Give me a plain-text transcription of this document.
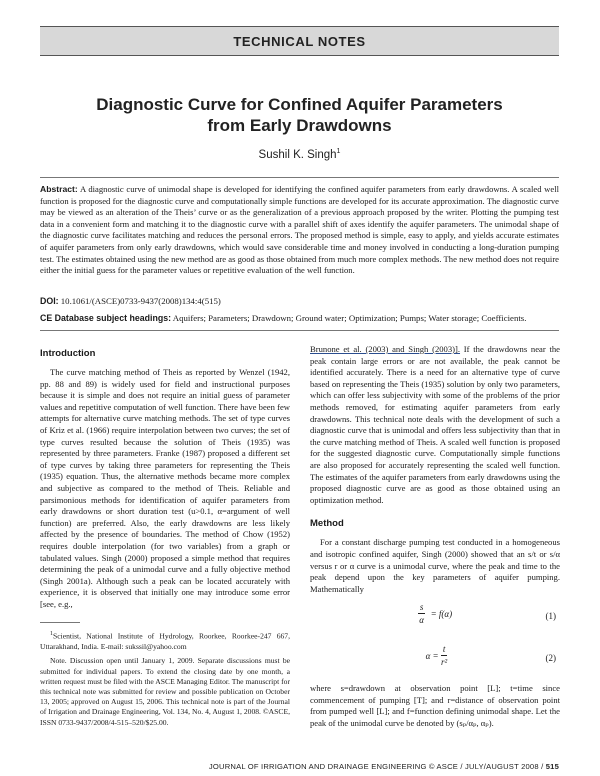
TECHNICAL NOTES
Diagnostic Curve for Confined Aquifer Parameters
from Early Drawdowns
Sushil K. Singh$^1$

Abstract: A diagnostic curve of unimodal shape is developed for identifying the confined aquifer parameters from early drawdowns. A scaled well function is proposed for the diagnostic curve and computationally simple functions are developed for its accurate approximation. The diagnostic curve may be viewed as an alteration of the Theis’ curve or as the generalization of a previous approach proposed by the writer. Plotting the pumping test data in a convenient form and matching it to the diagnostic curve with a parallel shift of axes identify the aquifer parameters. The unimodal shape of the diagnostic curve facilitates matching and reduces the personal errors. The proposed method is simple, easy to apply, and yields accurate estimates of aquifer parameters from only early drawdowns, which would save considerable time and money involved in conducting a long-duration pumping test. The estimates obtained using the new method are as good as those obtained from much more complex methods. The new method does not require either the initial guess for the parameter values or repetitive evaluation of the well function.

DOI: 10.1061/(ASCE)0733-9437(2008)134:4(515)
CE Database subject headings: Aquifers; Parameters; Drawdown; Ground water; Optimization; Pumps; Water storage; Coefficients.
Introduction

The curve matching method of Theis as reported by Wenzel (1942, pp. 88 and 89) is widely used for field and instructional purposes because it is simple and does not require an initial guess of parameter values and repetitive computation of well function. There have been few attempts for alternative curve matching methods. The set of type curves of Kriz et al. (1966) require interpolation between two curves; the set of type curves resulted because the solution of Theis (1935) was represented by three parameters. Franke (1987) proposed a different set of type curves by taking three parameters for representing the Theis (1935) equation. Thus, the alternative methods became more complex and subjective as compared to the method of Theis. Reliable and parsimonious methods for identification of aquifer parameters from early drawdowns or short duration test (u>0.1, α=argument of well function) are preferred. Also, the early drawdowns are less likely affected by the presence of boundaries. The method of Chow (1952) requires double interpolation (for two variables) from a graph or tabulated values. Singh (2000) proposed a simple method that requires determining the peak of a unimodal curve and a fully objective method (Singh 2001a). Although such a peak can be located accurately with experience, it is observed that initially one may introduce some error [see, e.g.,

$^1$Scientist, National Institute of Hydrology, Roorkee, Roorkee-247 667, Uttarakhand, India. E-mail: sukssil@yahoo.com

Note. Discussion open until January 1, 2009. Separate discussions must be submitted for individual papers. To extend the closing date by one month, a written request must be filed with the ASCE Managing Editor. The manuscript for this technical note was submitted for review and possible publication on October 13, 2005; approved on August 15, 2006. This technical note is part of the Journal of Irrigation and Drainage Engineering, Vol. 134, No. 4, August 1, 2008. ©ASCE, ISSN 0733-9437/2008/4-515–520/$25.00.

Brunone et al. (2003) and Singh (2003)]. If the drawdowns near the peak contain large errors or are not available, the peak cannot be identified accurately. There is a need for an alternative type of curve based on representing the Theis (1935) solution by only two parameters, which can offer less subjectivity with some of the problems of the prior methods removed, for estimating aquifer parameters from early drawdowns. This technical note deals with the development of such a diagnostic curve that is unimodal and offers less subjectivity than that in the curve matching method of Theis. A scaled well function is proposed for the suggested diagnostic curve. Computationally simple functions are also proposed for accurately representing the scaled well function. The estimates of the aquifer parameters from early drawdowns using the proposed diagnostic curve are as good as those obtained using an optimization method.

Method

For a constant discharge pumping test conducted in a homogeneous and isotropic confined aquifer, Singh (2000) showed that an s/t or s/α versus r or α curve is a unimodal curve, where the peak and time to the peak depend upon the key parameters of aquifer pumping. Mathematically

$\frac{s}{\alpha} = f(\alpha)$	(1)
$\alpha = \frac{t}{\text{r²}}$	(2)

where s=drawdown at observation point [L]; t=time since commencement of pumping [T]; and r=distance of observation point from pumped well [L]; and f=function defining unimodal shape. Let the peak of the unimodal curve be denoted by (sₚ/αₚ, αₚ).

JOURNAL OF IRRIGATION AND DRAINAGE ENGINEERING © ASCE / JULY/AUGUST 2008 / 515
